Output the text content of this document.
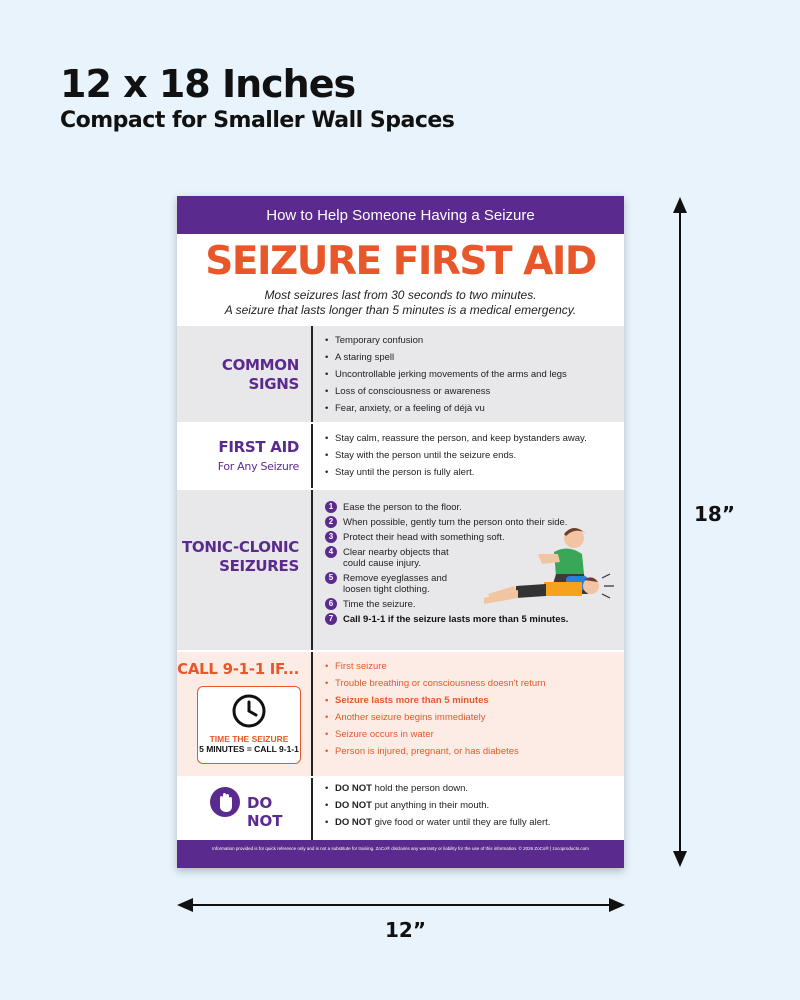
12 x 18 Inches
Compact for Smaller Wall Spaces
How to Help Someone Having a Seizure
SEIZURE FIRST AID
Most seizures last from 30 seconds to two minutes.
A seizure that lasts longer than 5 minutes is a medical emergency.
COMMON
SIGNS
• Temporary confusion
• A staring spell
• Uncontrollable jerking movements of the arms and legs
• Loss of consciousness or awareness
• Fear, anxiety, or a feeling of déjà vu
FIRST AID
For Any Seizure
• Stay calm, reassure the person, and keep bystanders away.
• Stay with the person until the seizure ends.
• Stay until the person is fully alert.
TONIC-CLONIC
SEIZURES
1	Ease the person to the floor.
2	When possible, gently turn the person onto their side.
3	Protect their head with something soft.
4	Clear nearby objects that
could cause injury.
5	Remove eyeglasses and
loosen tight clothing.
6	Time the seizure.
7	Call 9-1-1 if the seizure lasts more than 5 minutes.
CALL 9-1-1 IF...
TIME THE SEIZURE
5 MINUTES = CALL 9-1-1
• First seizure
• Trouble breathing or consciousness doesn't return
• Seizure lasts more than 5 minutes
• Another seizure begins immediately
• Seizure occurs in water
• Person is injured, pregnant, or has diabetes
DO NOT
• DO NOT hold the person down.
• DO NOT put anything in their mouth.
• DO NOT give food or water until they are fully alert.
Information provided is for quick reference only and is not a substitute for training. ZoCo® disclaims any warranty or liability for the use of this information. © 2026 ZoCo® | zocoproducts.com
18”
12”
